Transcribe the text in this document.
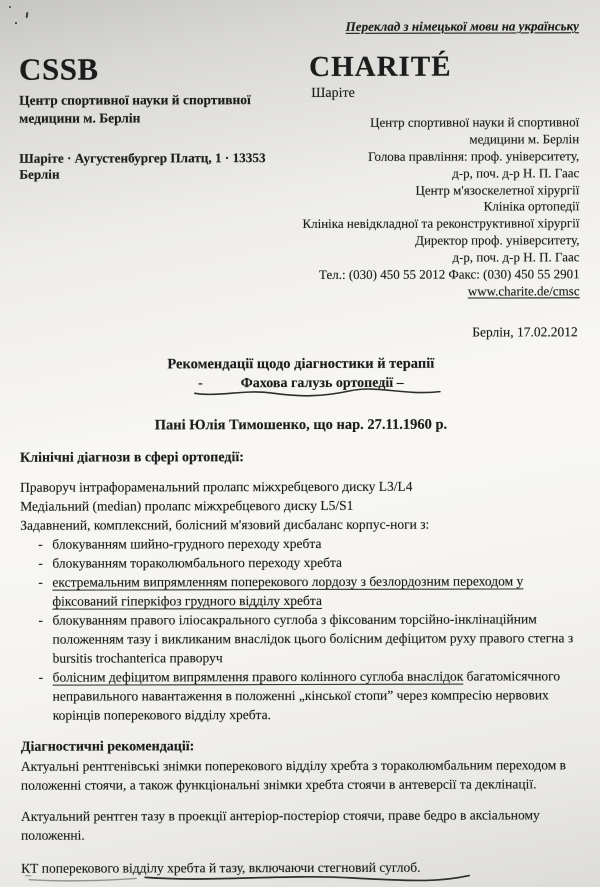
Переклад з німецької мови на українську
CSSB
Центр спортивної науки й спортивної
медицини м. Берлін
Шаріте · Аугустенбургер Платц, 1 · 13353 Берлін
CHARITÉ
Шаріте
Центр спортивної науки й спортивної
медицини м. Берлін
Голова правління: проф. університету,
д-р, поч. д-р Н. П. Гаас
Центр м'язоскелетної хірургії
Клініка ортопедії
Клініка невідкладної та реконструктивної хірургії
Директор проф. університету,
д-р, поч. д-р Н. П. Гаас
Тел.: (030) 450 55 2012 Факс: (030) 450 55 2901
www.charite.de/cmsc
Берлін, 17.02.2012
Рекомендації щодо діагностики й терапії
-	Фахова галузь ортопедії –
Пані Юлія Тимошенко, що нар. 27.11.1960 р.
Клінічні діагнози в сфері ортопедії:

Праворуч інтрафораменальний пролапс міжхребцевого диску L3/L4

Медіальний (median) пролапс міжхребцевого диску L5/S1

Задавнений, комплексний, болісний м'язовий дисбаланс корпус-ноги з:

- блокуванням шийно-грудного переходу хребта
- блокуванням тораколюмбального переходу хребта
- екстремальним випрямленням поперекового лордозу з безлордозним переходом у фіксований гіперкіфоз грудного відділу хребта
- блокуванням правого іліосакрального суглоба з фіксованим торсійно-інклінаційним положенням тазу і викликаним внаслідок цього болісним дефіцитом руху правого стегна з bursitis trochanterica праворуч
- болісним дефіцитом випрямлення правого колінного суглоба внаслідок багатомісячного неправильного навантаження в положенні „кінської стопи” через компресію нервових корінців поперекового відділу хребта.
Діагностичні рекомендації:

Актуальні рентгенівські знімки поперекового відділу хребта з тораколюмбальним переходом в положенні стоячи, а також функціональні знімки хребта стоячи в антеверсії та деклінації.

Актуальний рентген тазу в проекції антеріор-постеріор стоячи, праве бедро в аксіальному положенні.

КТ поперекового відділу хребта й тазу, включаючи стегновий суглоб.
